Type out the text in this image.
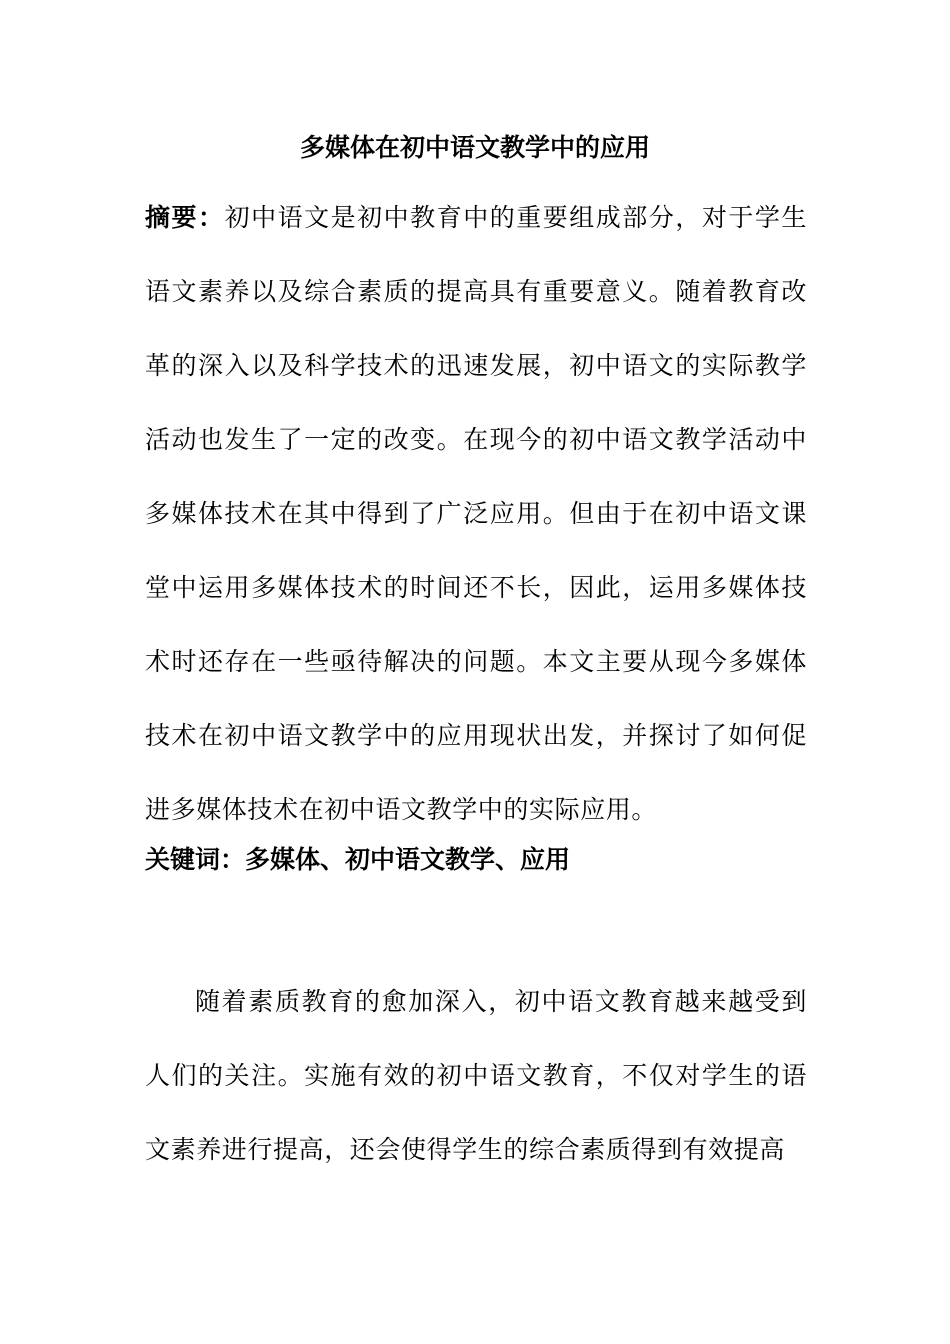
多媒体在初中语文教学中的应用

摘要：初中语文是初中教育中的重要组成部分，对于学生语文素养以及综合素质的提高具有重要意义。随着教育改革的深入以及科学技术的迅速发展，初中语文的实际教学活动也发生了一定的改变。在现今的初中语文教学活动中多媒体技术在其中得到了广泛应用。但由于在初中语文课堂中运用多媒体技术的时间还不长，因此，运用多媒体技术时还存在一些亟待解决的问题。本文主要从现今多媒体技术在初中语文教学中的应用现状出发，并探讨了如何促进多媒体技术在初中语文教学中的实际应用。

关键词：多媒体、初中语文教学、应用

随着素质教育的愈加深入，初中语文教育越来越受到人们的关注。实施有效的初中语文教育，不仅对学生的语文素养进行提高，还会使得学生的综合素质得到有效提高
